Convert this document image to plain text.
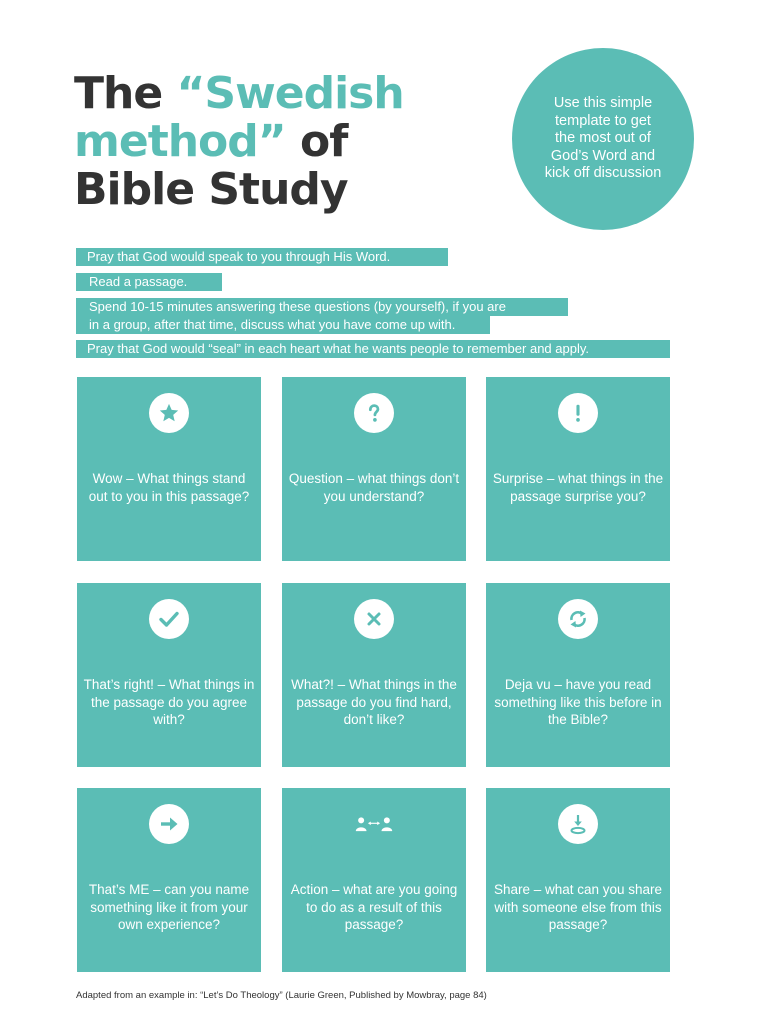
The “Swedish
method” of
Bible Study
Use this simple template to get the most out of God’s Word and kick off discussion
Pray that God would speak to you through His Word.
Read a passage.
Spend 10-15 minutes answering these questions (by yourself), if you are
in a group, after that time, discuss what you have come up with.
Pray that God would “seal” in each heart what he wants people to remember and apply.
Wow – What things stand out to you in this passage?
Question – what things don’t you understand?
Surprise – what things in the passage surprise you?
That’s right! – What things in the passage do you agree with?
What?! – What things in the passage do you find hard, don’t like?
Deja vu – have you read something like this before in the Bible?
That’s ME – can you name something like it from your own experience?
Action – what are you going to do as a result of this passage?
Share – what can you share with someone else from this passage?
Adapted from an example in: “Let’s Do Theology” (Laurie Green, Published by Mowbray, page 84)
